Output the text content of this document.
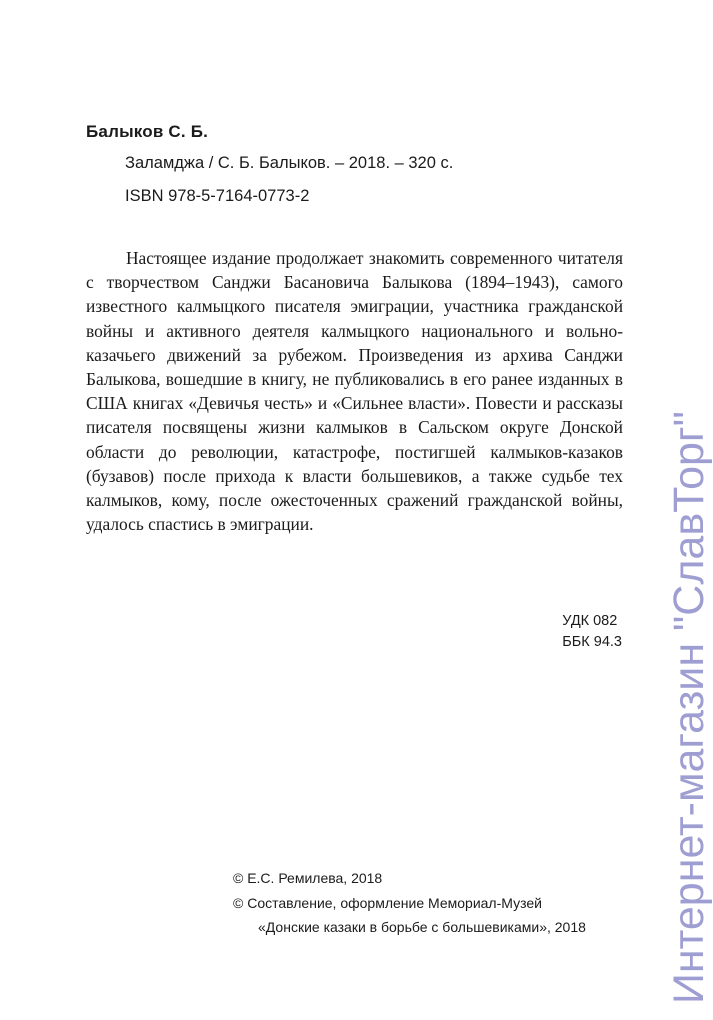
Балыков С. Б.
Заламджа / С. Б. Балыков. – 2018. – 320 с.
ISBN 978-5-7164-0773-2

Настоящее издание продолжает знакомить современного читателя с творчеством Санджи Басановича Балыкова (1894–1943), самого известного калмыцкого писателя эмиграции, участника гражданской войны и активного деятеля калмыцкого национального и вольно-казачьего движений за рубежом. Произведения из архива Санджи Балыкова, вошедшие в книгу, не публиковались в его ранее изданных в США книгах «Девичья честь» и «Сильнее власти». Повести и рассказы писателя посвящены жизни калмыков в Сальском округе Донской области до революции, катастрофе, постигшей калмыков-казаков (бузавов) после прихода к власти большевиков, а также судьбе тех калмыков, кому, после ожесточенных сражений гражданской войны, удалось спастись в эмиграции.

УДК 082
ББК 94.3
© Е.С. Ремилева, 2018
© Составление, оформление Мемориал-Музей
«Донские казаки в борьбе с большевиками», 2018 Интернет-магазин "СлавТорг"
